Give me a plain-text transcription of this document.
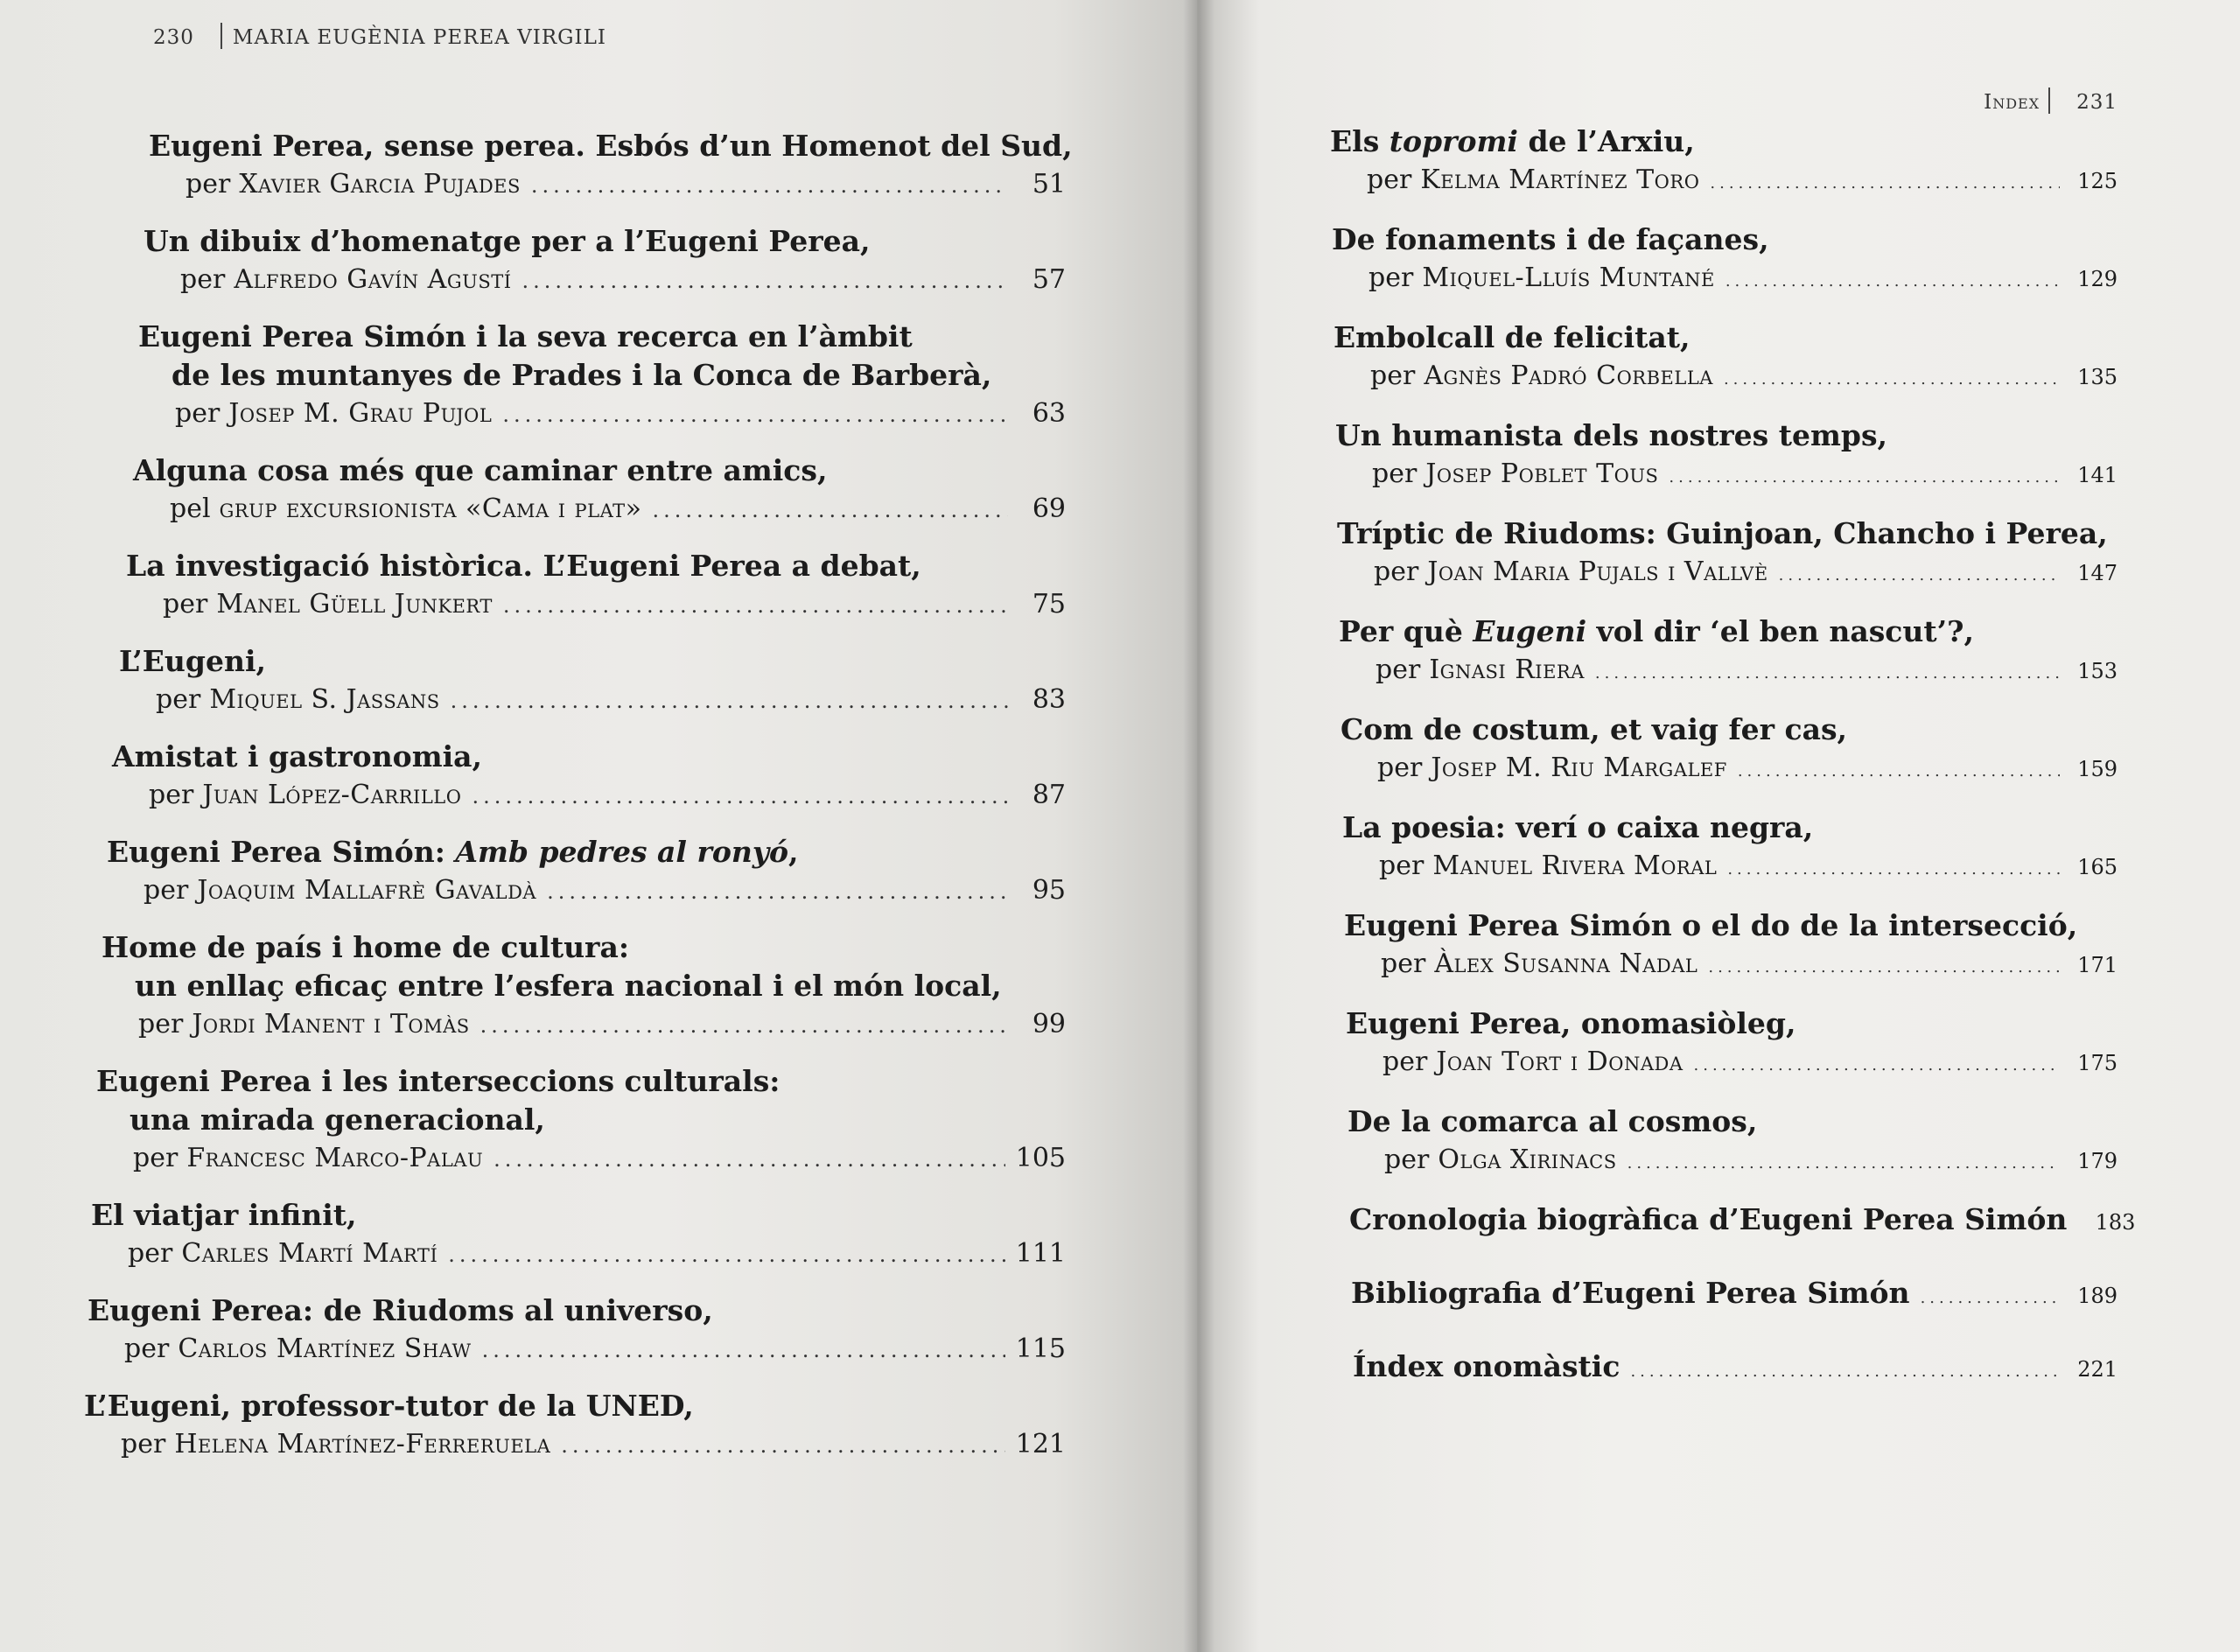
230 MARIA EUGÈNIA PEREA VIRGILI
Eugeni Perea, sense perea. Esbós d’un Homenot del Sud,
per Xavier Garcia Pujades .....	51
Un dibuix d’homenatge per a l’Eugeni Perea,
per Alfredo Gavín Agustí .....	57
Eugeni Perea Simón i la seva recerca en l’àmbit
de les muntanyes de Prades i la Conca de Barberà,
per Josep M. Grau Pujol .....	63
Alguna cosa més que caminar entre amics,
pel grup excursionista «Cama i plat» .....	69
La investigació històrica. L’Eugeni Perea a debat,
per Manel Güell Junkert .....	75
L’Eugeni,
per Miquel S. Jassans .....	83
Amistat i gastronomia,
per Juan López-Carrillo .....	87
Eugeni Perea Simón: Amb pedres al ronyó,
per Joaquim Mallafrè Gavaldà .....	95
Home de país i home de cultura:
un enllaç eficaç entre l’esfera nacional i el món local,
per Jordi Manent i Tomàs .....	99
Eugeni Perea i les interseccions culturals:
una mirada generacional,
per Francesc Marco-Palau .....	105
El viatjar infinit,
per Carles Martí Martí .....	111
Eugeni Perea: de Riudoms al universo,
per Carlos Martínez Shaw .....	115
L’Eugeni, professor-tutor de la UNED,
per Helena Martínez-Ferreruela .....	121
Index 231
Els topromi de l’Arxiu,
per Kelma Martínez Toro .....	125
De fonaments i de façanes,
per Miquel-Lluís Muntané .....	129
Embolcall de felicitat,
per Agnès Padró Corbella .....	135
Un humanista dels nostres temps,
per Josep Poblet Tous .....	141
Tríptic de Riudoms: Guinjoan, Chancho i Perea,
per Joan Maria Pujals i Vallvè .....	147
Per què Eugeni vol dir ‘el ben nascut’?,
per Ignasi Riera .....	153
Com de costum, et vaig fer cas,
per Josep M. Riu Margalef .....	159
La poesia: verí o caixa negra,
per Manuel Rivera Moral .....	165
Eugeni Perea Simón o el do de la intersecció,
per Àlex Susanna Nadal .....	171
Eugeni Perea, onomasiòleg,
per Joan Tort i Donada .....	175
De la comarca al cosmos,
per Olga Xirinacs .....	179
Cronologia biogràfica d’Eugeni Perea Simón	183
Bibliografia d’Eugeni Perea Simón .....	189
Índex onomàstic .....	221
